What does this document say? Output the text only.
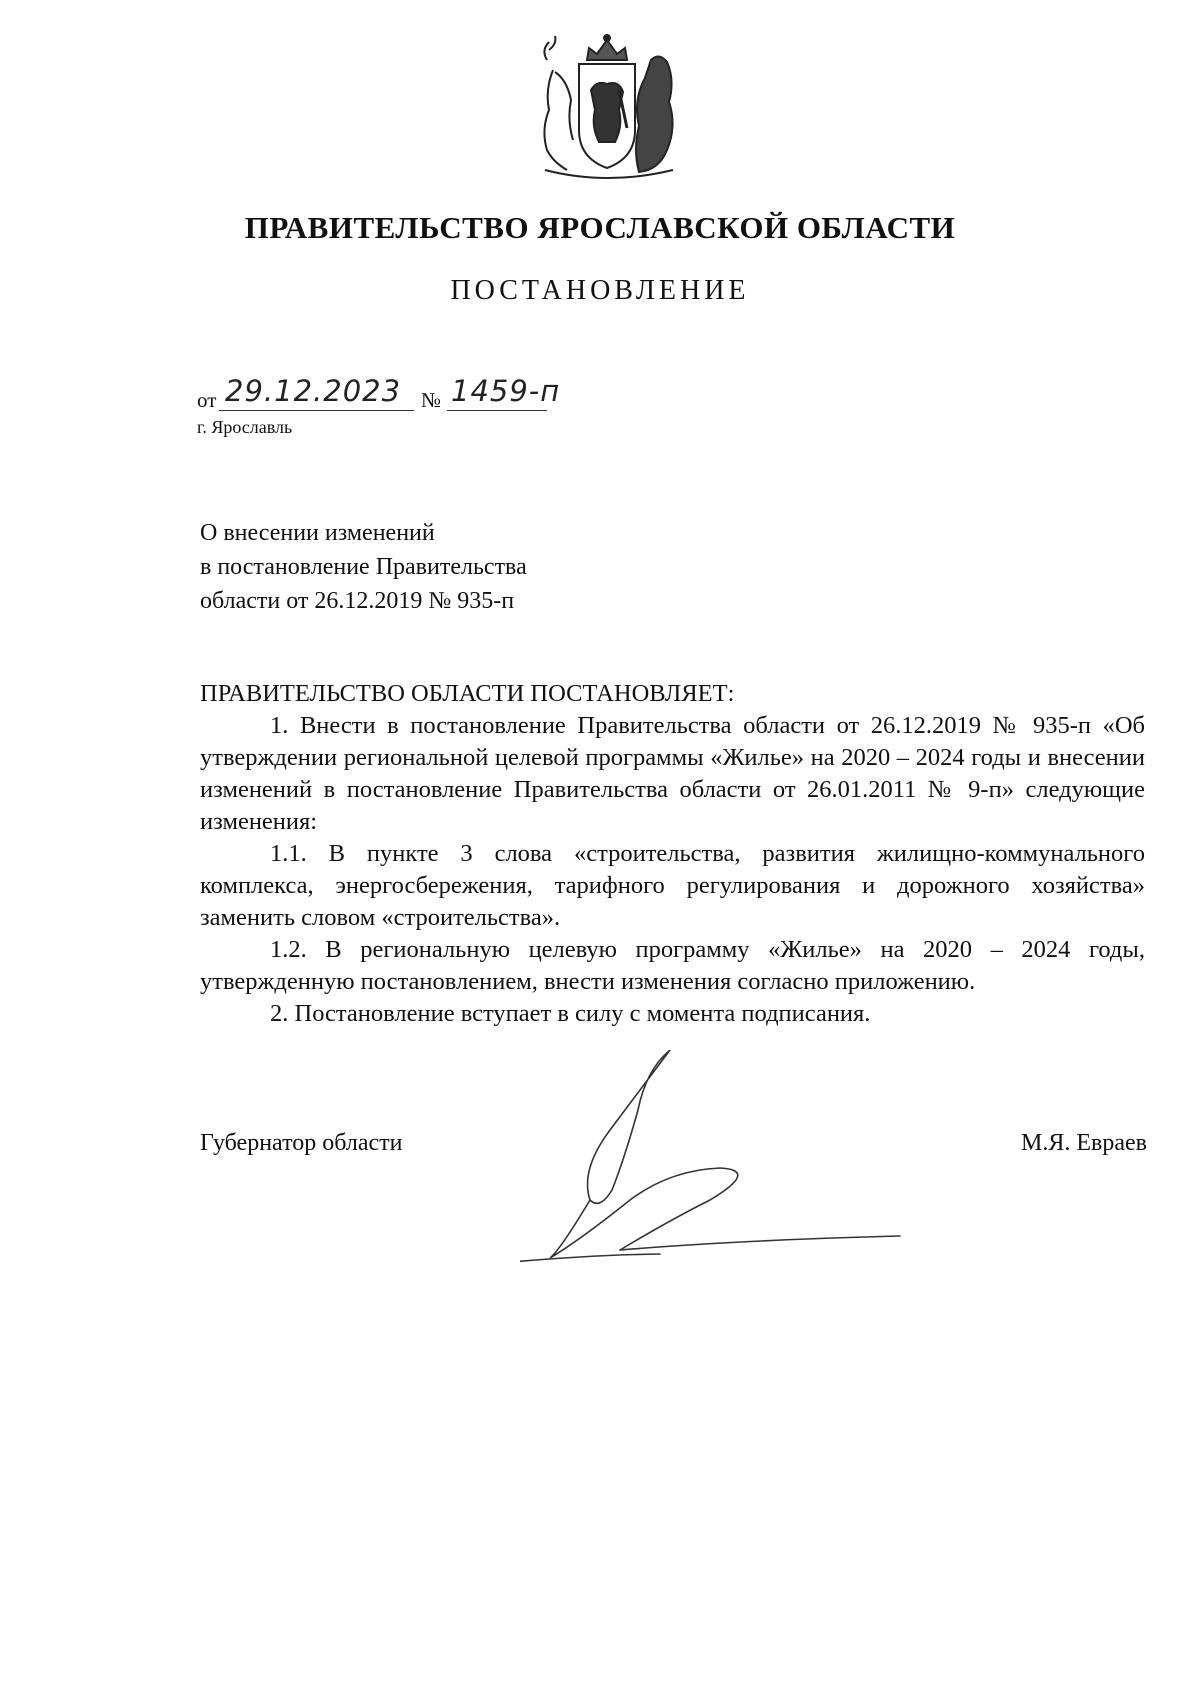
ПРАВИТЕЛЬСТВО ЯРОСЛАВСКОЙ ОБЛАСТИ
ПОСТАНОВЛЕНИЕ
от 29.12.2023 № 1459-п
г. Ярославль
О внесении изменений
в постановление Правительства
области от 26.12.2019 № 935-п

ПРАВИТЕЛЬСТВО ОБЛАСТИ ПОСТАНОВЛЯЕТ:

1. Внести в постановление Правительства области от 26.12.2019 № 935-п «Об утверждении региональной целевой программы «Жилье» на 2020 – 2024 годы и внесении изменений в постановление Правительства области от 26.01.2011 № 9-п» следующие изменения:

1.1. В пункте 3 слова «строительства, развития жилищно-коммунального комплекса, энергосбережения, тарифного регулирования и дорожного хозяйства» заменить словом «строительства».

1.2. В региональную целевую программу «Жилье» на 2020 – 2024 годы, утвержденную постановлением, внести изменения согласно приложению.

2. Постановление вступает в силу с момента подписания.

Губернатор области	М.Я. Евраев
